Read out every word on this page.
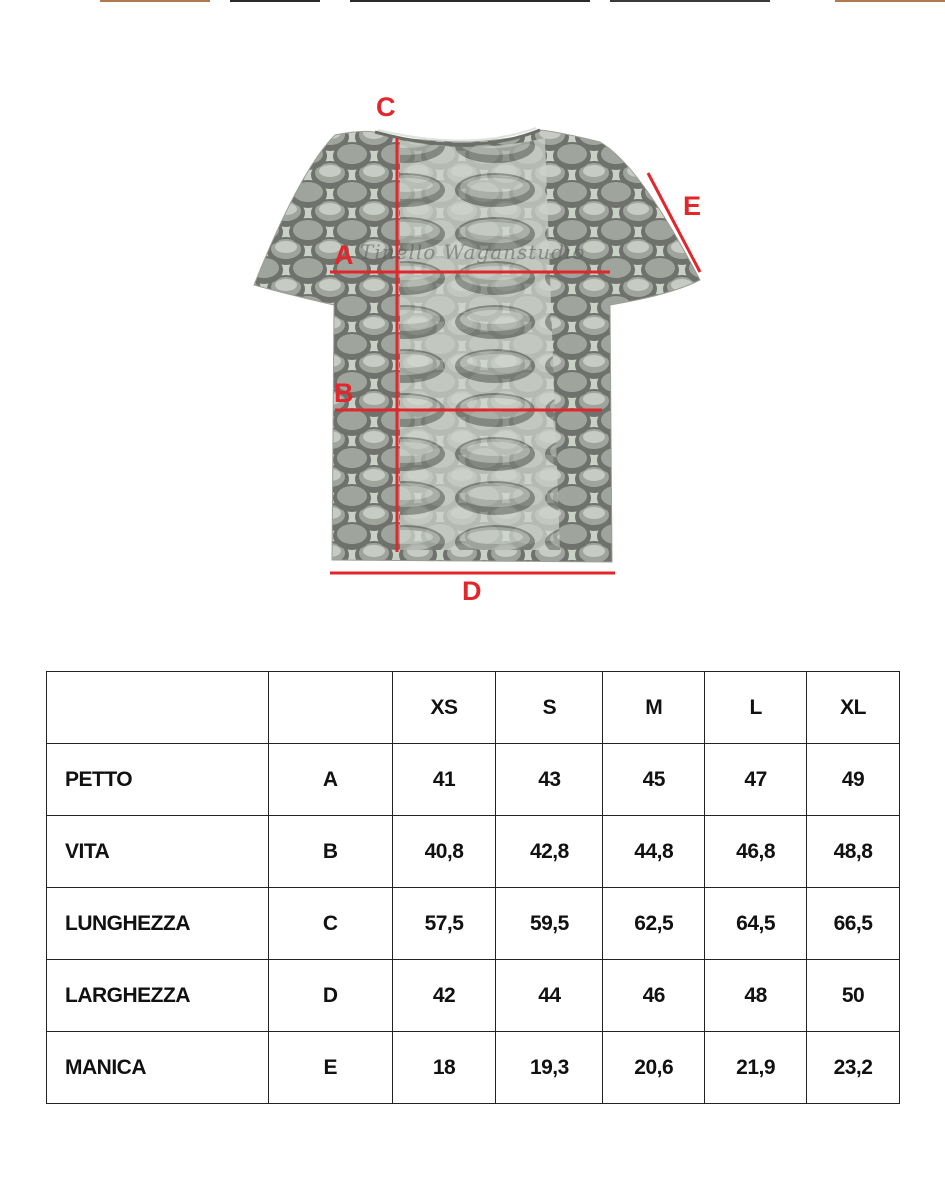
Tinello Waganstudio
C
A
B
D
E
		XS	S	M	L	XL
PETTO	A	41	43	45	47	49
VITA	B	40,8	42,8	44,8	46,8	48,8
LUNGHEZZA	C	57,5	59,5	62,5	64,5	66,5
LARGHEZZA	D	42	44	46	48	50
MANICA	E	18	19,3	20,6	21,9	23,2
